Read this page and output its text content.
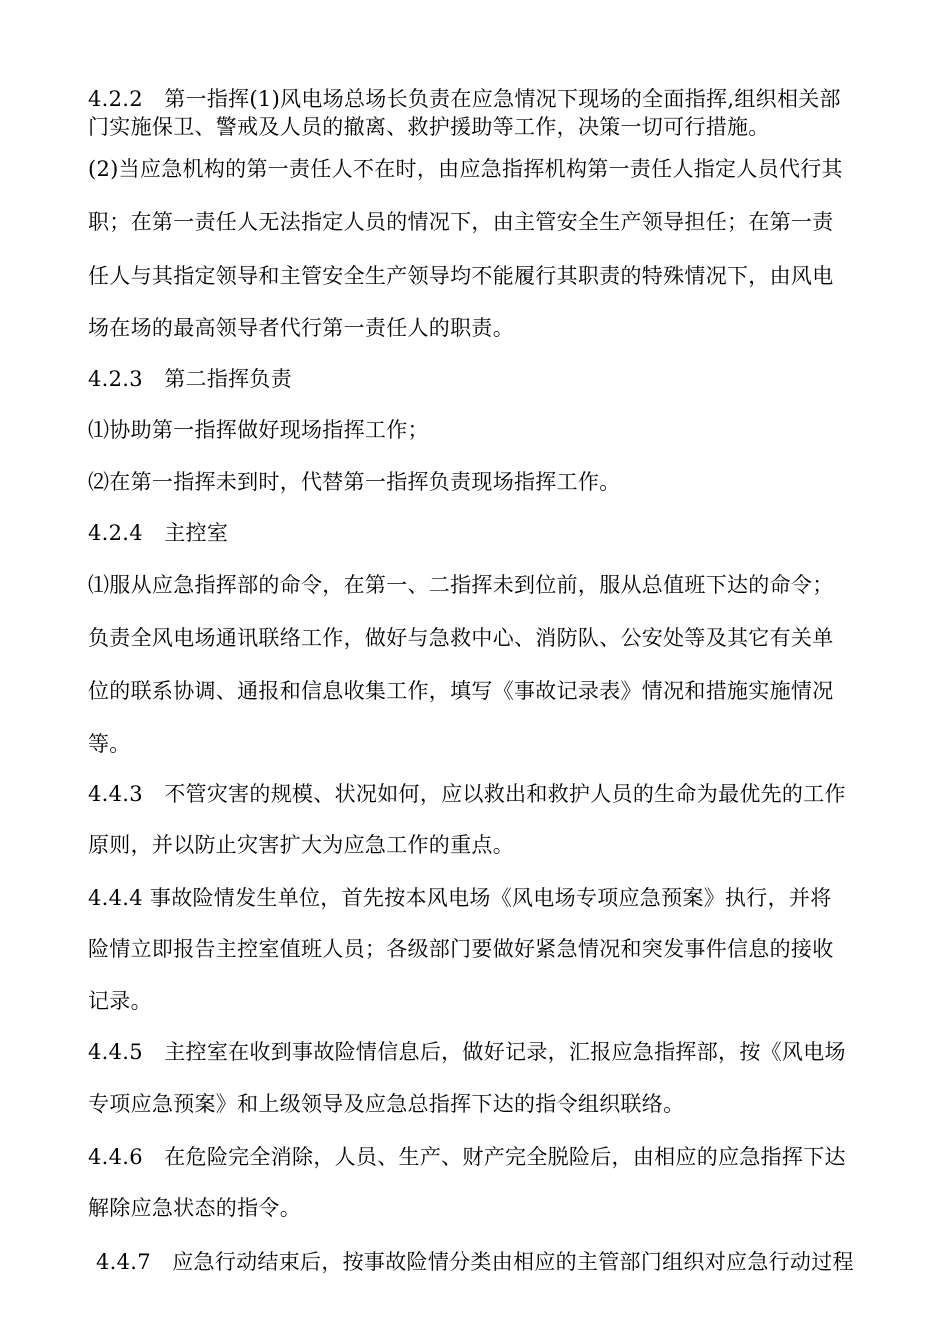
4.2.2　第一指挥(1)风电场总场长负责在应急情况下现场的全面指挥,组织相关部
门实施保卫、警戒及人员的撤离、救护援助等工作，决策一切可行措施。
(2)当应急机构的第一责任人不在时，由应急指挥机构第一责任人指定人员代行其
职；在第一责任人无法指定人员的情况下，由主管安全生产领导担任；在第一责
任人与其指定领导和主管安全生产领导均不能履行其职责的特殊情况下，由风电
场在场的最高领导者代行第一责任人的职责。
4.2.3　第二指挥负责
⑴协助第一指挥做好现场指挥工作；
⑵在第一指挥未到时，代替第一指挥负责现场指挥工作。
4.2.4　主控室
⑴服从应急指挥部的命令，在第一、二指挥未到位前，服从总值班下达的命令；
负责全风电场通讯联络工作，做好与急救中心、消防队、公安处等及其它有关单
位的联系协调、通报和信息收集工作，填写《事故记录表》情况和措施实施情况
等。
4.4.3　不管灾害的规模、状况如何，应以救出和救护人员的生命为最优先的工作
原则，并以防止灾害扩大为应急工作的重点。
4.4.4 事故险情发生单位，首先按本风电场《风电场专项应急预案》执行，并将
险情立即报告主控室值班人员；各级部门要做好紧急情况和突发事件信息的接收
记录。
4.4.5　主控室在收到事故险情信息后，做好记录，汇报应急指挥部，按《风电场
专项应急预案》和上级领导及应急总指挥下达的指令组织联络。
4.4.6　在危险完全消除，人员、生产、财产完全脱险后，由相应的应急指挥下达
解除应急状态的指令。
4.4.7　应急行动结束后，按事故险情分类由相应的主管部门组织对应急行动过程
